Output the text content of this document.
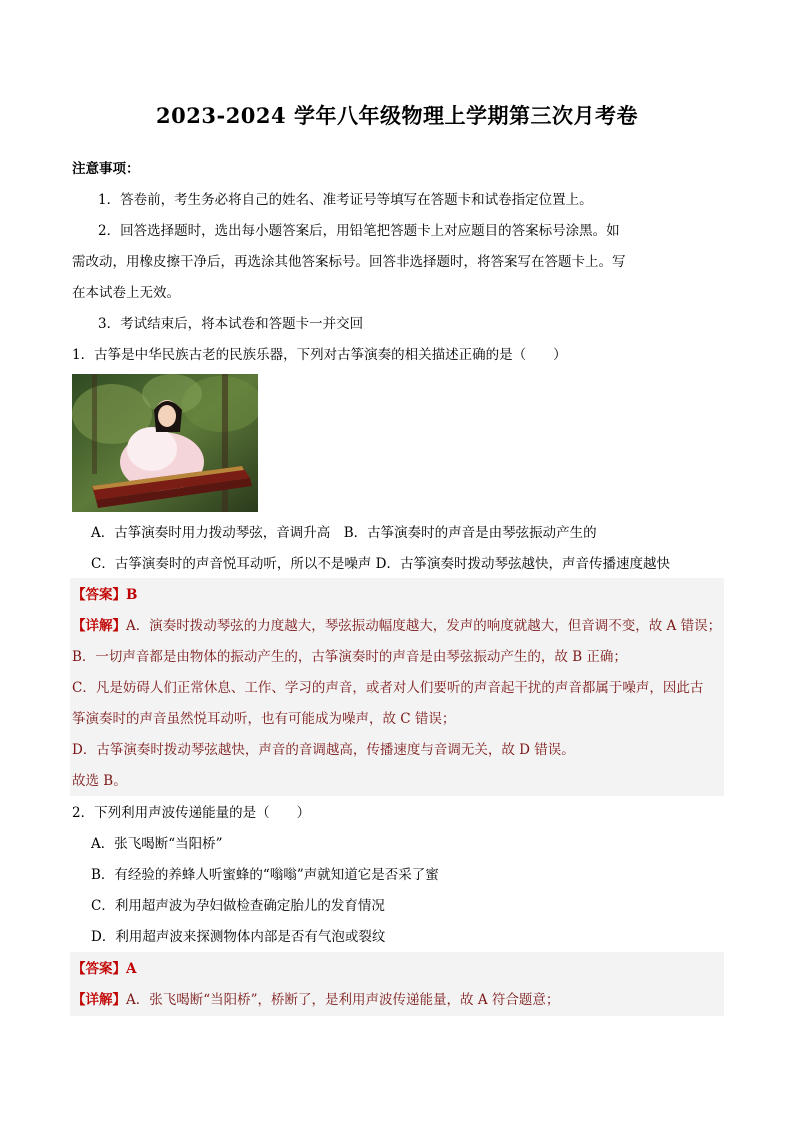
2023-2024 学年八年级物理上学期第三次月考卷
注意事项：
1．答卷前，考生务必将自己的姓名、准考证号等填写在答题卡和试卷指定位置上。
2．回答选择题时，选出每小题答案后，用铅笔把答题卡上对应题目的答案标号涂黑。如
需改动，用橡皮擦干净后，再选涂其他答案标号。回答非选择题时，将答案写在答题卡上。写
在本试卷上无效。
3．考试结束后，将本试卷和答题卡一并交回
1．古筝是中华民族古老的民族乐器，下列对古筝演奏的相关描述正确的是（　　）
A．古筝演奏时用力拨动琴弦，音调升高　B．古筝演奏时的声音是由琴弦振动产生的
C．古筝演奏时的声音悦耳动听，所以不是噪声 D．古筝演奏时拨动琴弦越快，声音传播速度越快
【答案】B
【详解】A．演奏时拨动琴弦的力度越大，琴弦振动幅度越大，发声的响度就越大，但音调不变，故 A 错误；
B．一切声音都是由物体的振动产生的，古筝演奏时的声音是由琴弦振动产生的，故 B 正确；
C．凡是妨碍人们正常休息、工作、学习的声音，或者对人们要听的声音起干扰的声音都属于噪声，因此古
筝演奏时的声音虽然悦耳动听，也有可能成为噪声，故 C 错误；
D．古筝演奏时拨动琴弦越快，声音的音调越高，传播速度与音调无关，故 D 错误。
故选 B。
2．下列利用声波传递能量的是（　　）
A．张飞喝断“当阳桥”
B．有经验的养蜂人听蜜蜂的“嗡嗡”声就知道它是否采了蜜
C．利用超声波为孕妇做检查确定胎儿的发育情况
D．利用超声波来探测物体内部是否有气泡或裂纹
【答案】A
【详解】A．张飞喝断“当阳桥”，桥断了，是利用声波传递能量，故 A 符合题意；
